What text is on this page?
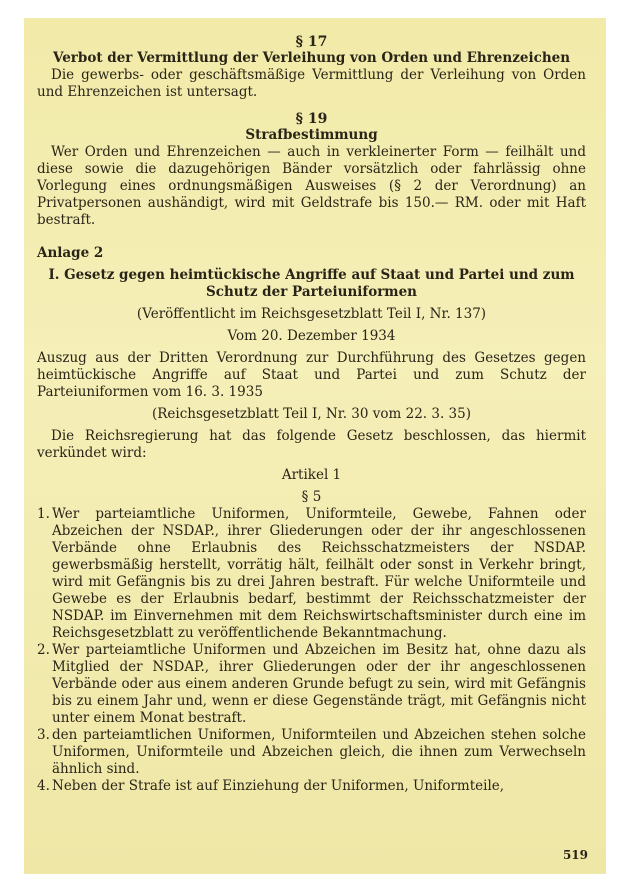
§ 17

Verbot der Vermittlung der Verleihung von Orden und Ehrenzeichen

Die gewerbs- oder geschäftsmäßige Vermittlung der Verleihung von Orden und Ehrenzeichen ist untersagt.

§ 19

Strafbestimmung

Wer Orden und Ehrenzeichen — auch in verkleinerter Form — feilhält und diese sowie die dazugehörigen Bänder vorsätzlich oder fahrlässig ohne Vorlegung eines ordnungsmäßigen Ausweises (§ 2 der Verordnung) an Privatpersonen aushändigt, wird mit Geldstrafe bis 150.— RM. oder mit Haft bestraft.

Anlage 2

I. Gesetz gegen heimtückische Angriffe auf Staat und Partei und zum

Schutz der Parteiuniformen

(Veröffentlicht im Reichsgesetzblatt Teil I, Nr. 137)

Vom 20. Dezember 1934

Auszug aus der Dritten Verordnung zur Durchführung des Gesetzes gegen heimtückische Angriffe auf Staat und Partei und zum Schutz der Parteiuniformen vom 16. 3. 1935

(Reichsgesetzblatt Teil I, Nr. 30 vom 22. 3. 35)

Die Reichsregierung hat das folgende Gesetz beschlossen, das hiermit verkündet wird:

Artikel 1

§ 5

1. Wer parteiamtliche Uniformen, Uniformteile, Gewebe, Fahnen oder Abzeichen der NSDAP., ihrer Gliederungen oder der ihr angeschlossenen Verbände ohne Erlaubnis des Reichsschatzmeisters der NSDAP. gewerbsmäßig herstellt, vorrätig hält, feilhält oder sonst in Verkehr bringt, wird mit Gefängnis bis zu drei Jahren bestraft. Für welche Uniformteile und Gewebe es der Erlaubnis bedarf, bestimmt der Reichsschatzmeister der NSDAP. im Einvernehmen mit dem Reichswirtschaftsminister durch eine im Reichsgesetzblatt zu veröffentlichende Bekanntmachung.
2. Wer parteiamtliche Uniformen und Abzeichen im Besitz hat, ohne dazu als Mitglied der NSDAP., ihrer Gliederungen oder der ihr angeschlossenen Verbände oder aus einem anderen Grunde befugt zu sein, wird mit Gefängnis bis zu einem Jahr und, wenn er diese Gegenstände trägt, mit Gefängnis nicht unter einem Monat bestraft.
3. den parteiamtlichen Uniformen, Uniformteilen und Abzeichen stehen solche Uniformen, Uniformteile und Abzeichen gleich, die ihnen zum Verwechseln ähnlich sind.
4. Neben der Strafe ist auf Einziehung der Uniformen, Uniformteile,
519
